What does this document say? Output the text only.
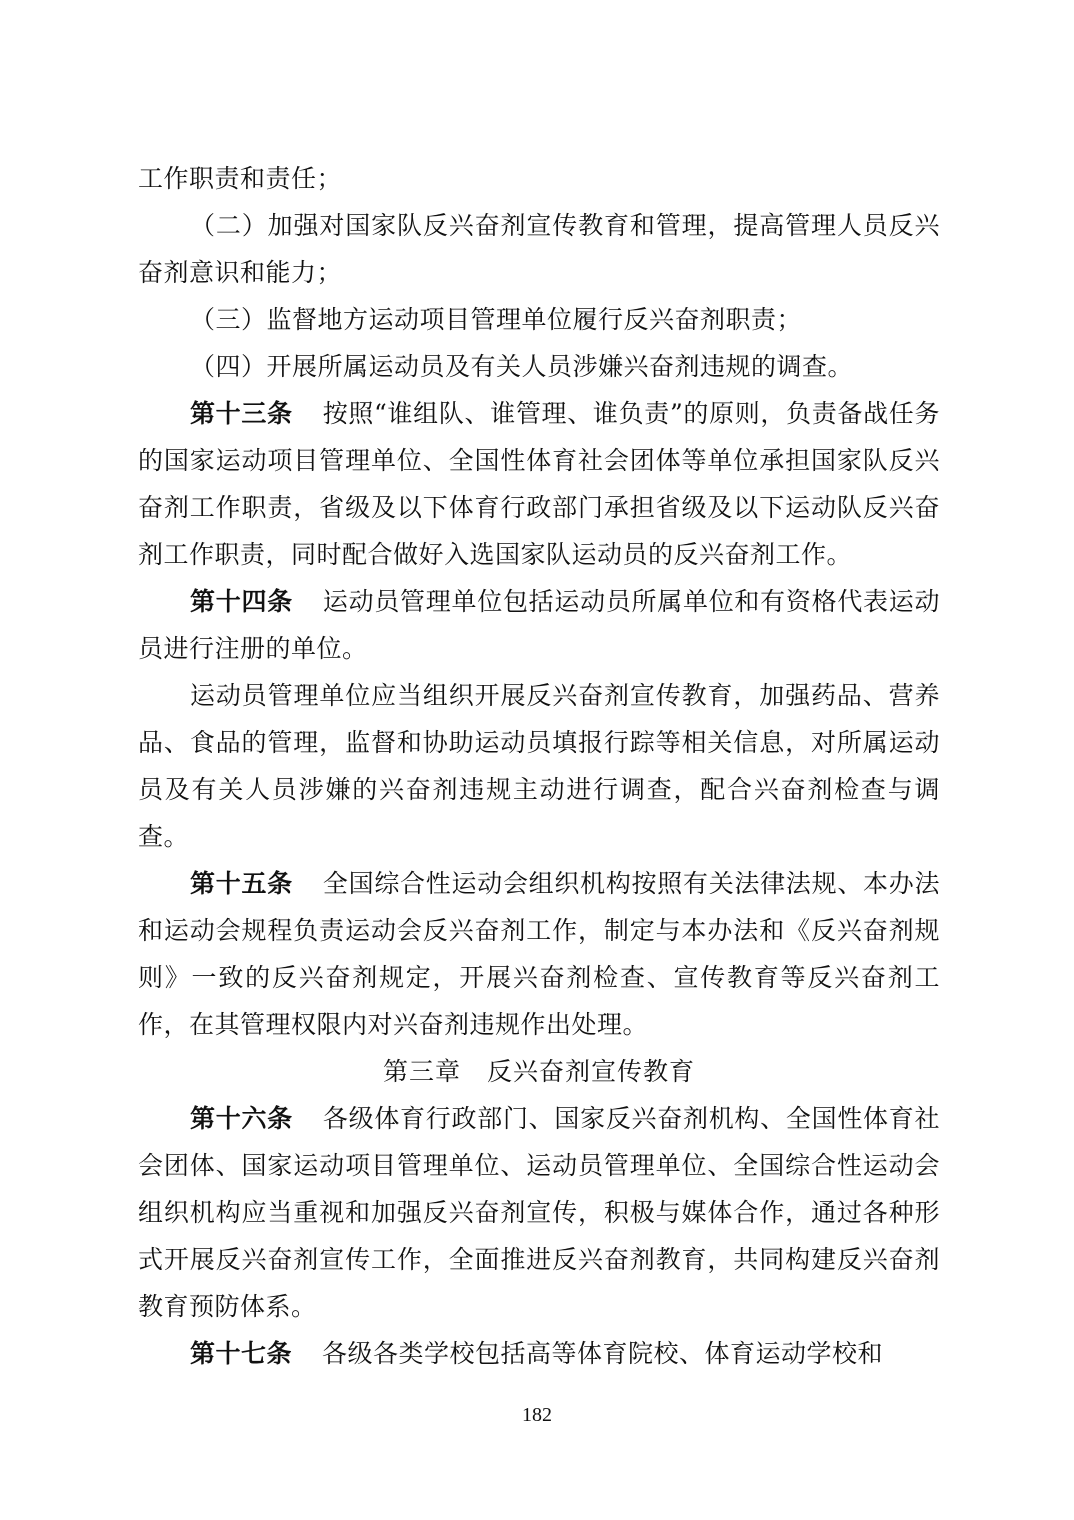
工作职责和责任；

（二）加强对国家队反兴奋剂宣传教育和管理，提高管理人员反兴奋剂意识和能力；

（三）监督地方运动项目管理单位履行反兴奋剂职责；

（四）开展所属运动员及有关人员涉嫌兴奋剂违规的调查。

第十三条 按照“谁组队、谁管理、谁负责”的原则，负责备战任务的国家运动项目管理单位、全国性体育社会团体等单位承担国家队反兴奋剂工作职责，省级及以下体育行政部门承担省级及以下运动队反兴奋剂工作职责，同时配合做好入选国家队运动员的反兴奋剂工作。

第十四条 运动员管理单位包括运动员所属单位和有资格代表运动员进行注册的单位。

运动员管理单位应当组织开展反兴奋剂宣传教育，加强药品、营养品、食品的管理，监督和协助运动员填报行踪等相关信息，对所属运动员及有关人员涉嫌的兴奋剂违规主动进行调查，配合兴奋剂检查与调查。

第十五条 全国综合性运动会组织机构按照有关法律法规、本办法和运动会规程负责运动会反兴奋剂工作，制定与本办法和《反兴奋剂规则》一致的反兴奋剂规定，开展兴奋剂检查、宣传教育等反兴奋剂工作，在其管理权限内对兴奋剂违规作出处理。

第三章 反兴奋剂宣传教育

第十六条 各级体育行政部门、国家反兴奋剂机构、全国性体育社会团体、国家运动项目管理单位、运动员管理单位、全国综合性运动会组织机构应当重视和加强反兴奋剂宣传，积极与媒体合作，通过各种形式开展反兴奋剂宣传工作，全面推进反兴奋剂教育，共同构建反兴奋剂教育预防体系。

第十七条 各级各类学校包括高等体育院校、体育运动学校和

182
